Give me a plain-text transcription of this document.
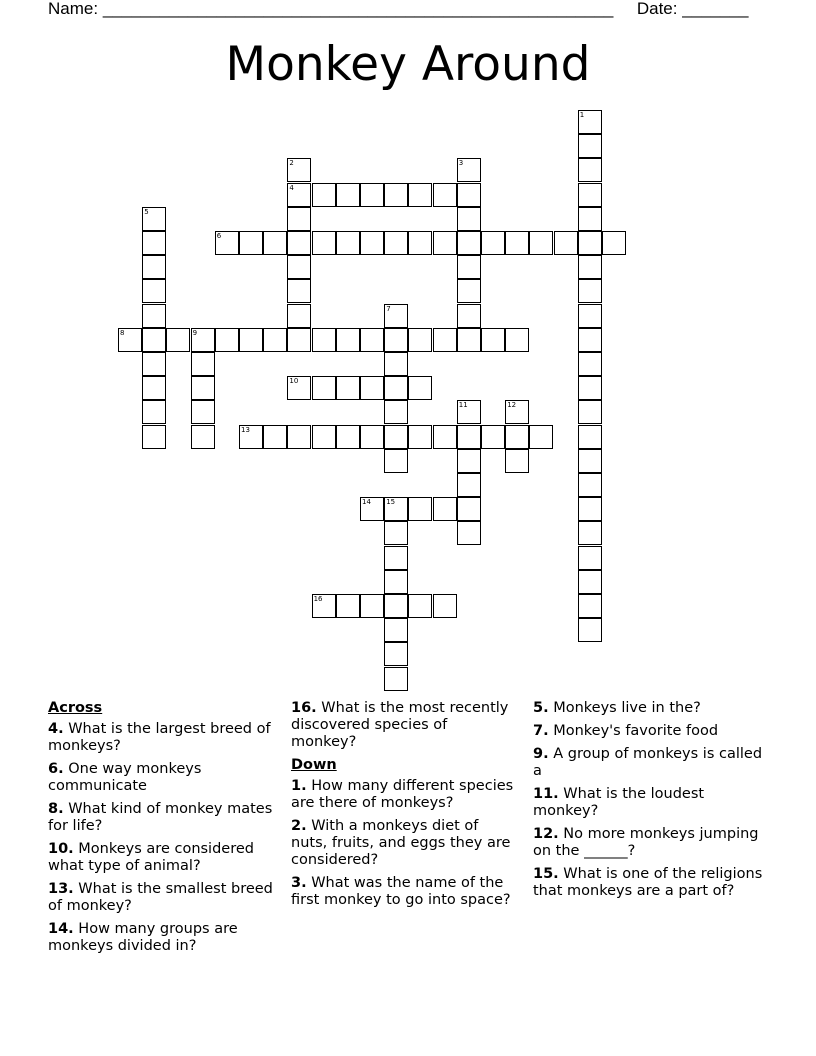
Name: ______________________________________________________ Date: _______
Monkey Around
4
6
8	9
10
13
14 15
16
1
2	3
5
7
11	12
Across
4. What is the largest breed of monkeys?
6. One way monkeys communicate
8. What kind of monkey mates for life?
10. Monkeys are considered what type of animal?
13. What is the smallest breed of monkey?
14. How many groups are monkeys divided in?
16. What is the most recently discovered species of monkey?
Down
1. How many different species are there of monkeys?
2. With a monkeys diet of nuts, fruits, and eggs they are considered?
3. What was the name of the first monkey to go into space?
5. Monkeys live in the?
7. Monkey's favorite food
9. A group of monkeys is called a
11. What is the loudest monkey?
12. No more monkeys jumping on the ______?
15. What is one of the religions that monkeys are a part of?
